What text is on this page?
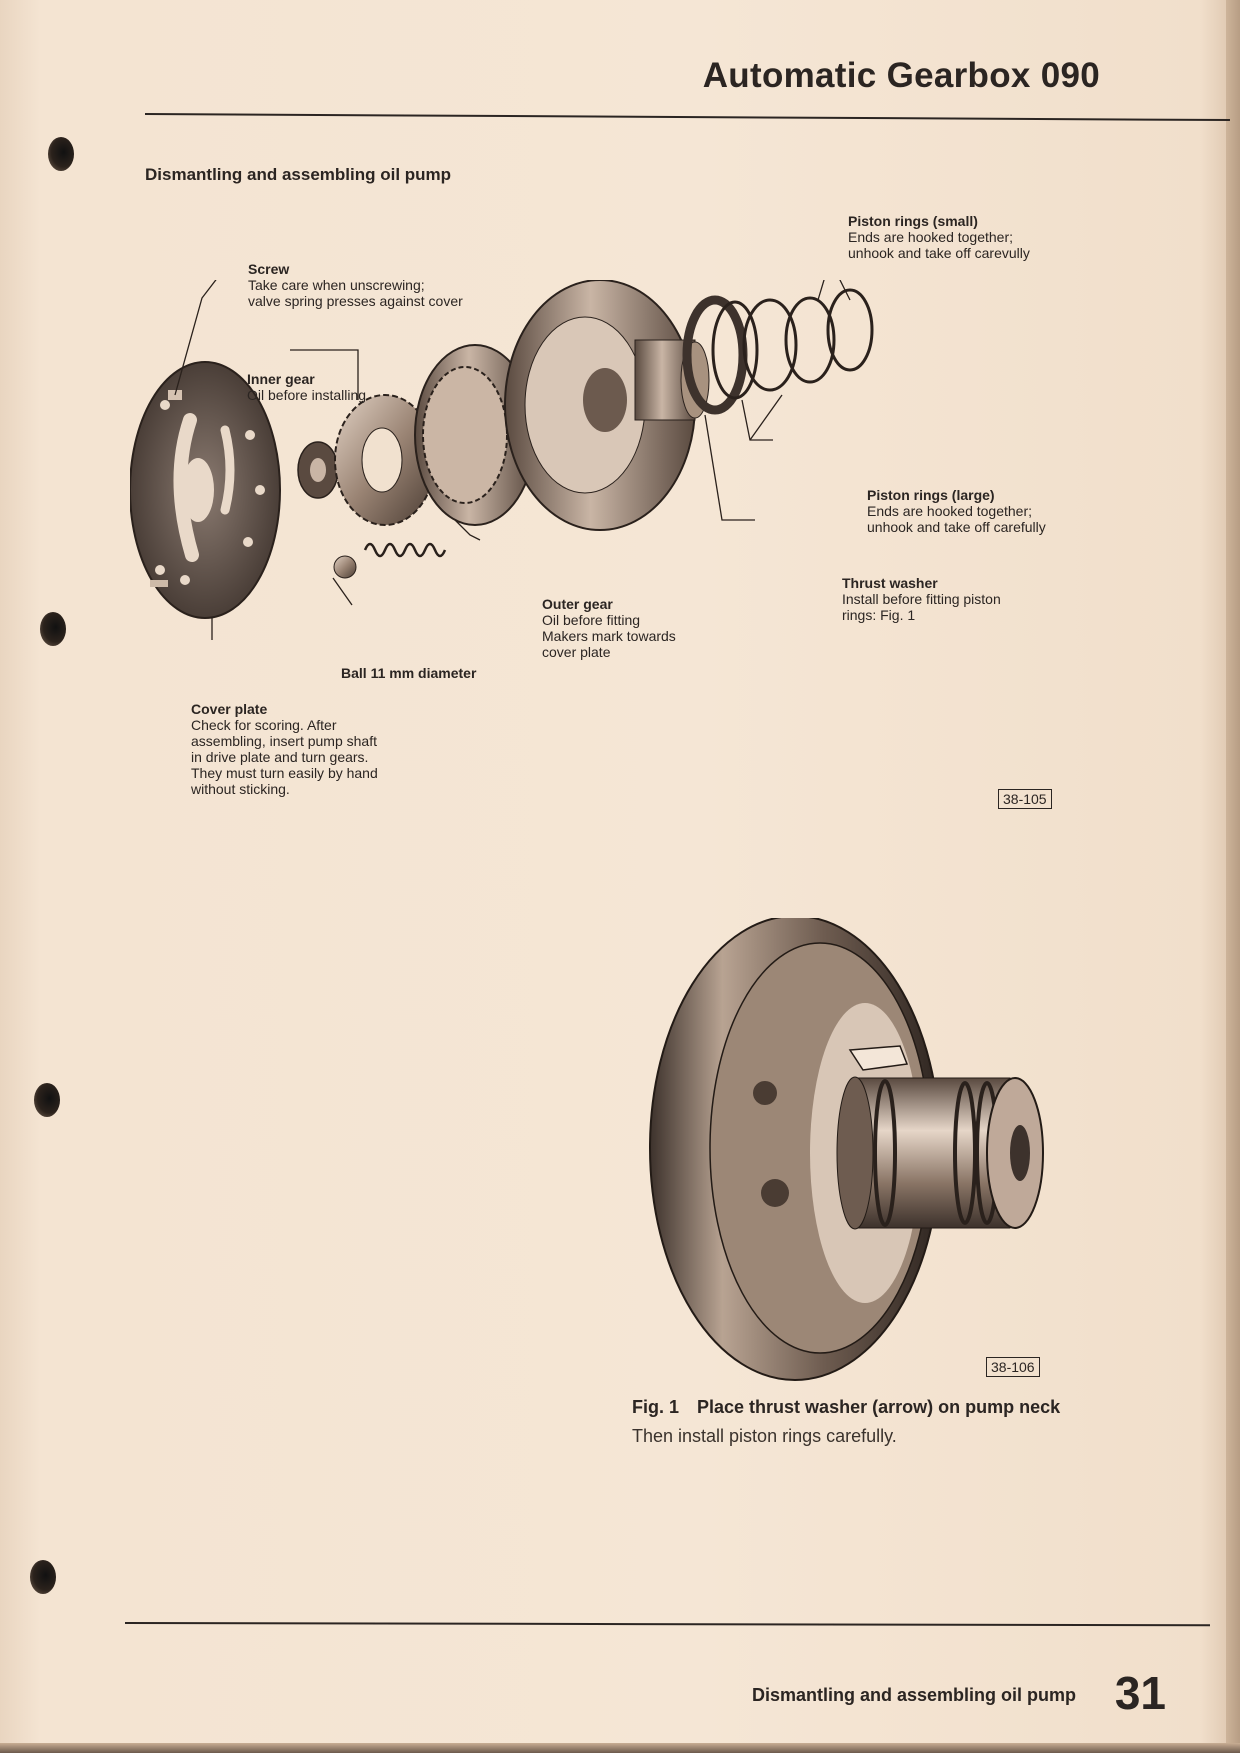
Automatic Gearbox 090
Dismantling and assembling oil pump
Screw
Take care when unscrewing;
valve spring presses against cover
Inner gear
Oil before installing
Piston rings (small)
Ends are hooked together;
unhook and take off carevully
Piston rings (large)
Ends are hooked together;
unhook and take off carefully
Thrust washer
Install before fitting piston
rings: Fig. 1
Outer gear
Oil before fitting
Makers mark towards
cover plate
Ball 11 mm diameter
Cover plate
Check for scoring. After
assembling, insert pump shaft
in drive plate and turn gears.
They must turn easily by hand
without sticking.
38-105
38-106
Fig. 1 Place thrust washer (arrow) on pump neck
Then install piston rings carefully.
Dismantling and assembling oil pump 31
